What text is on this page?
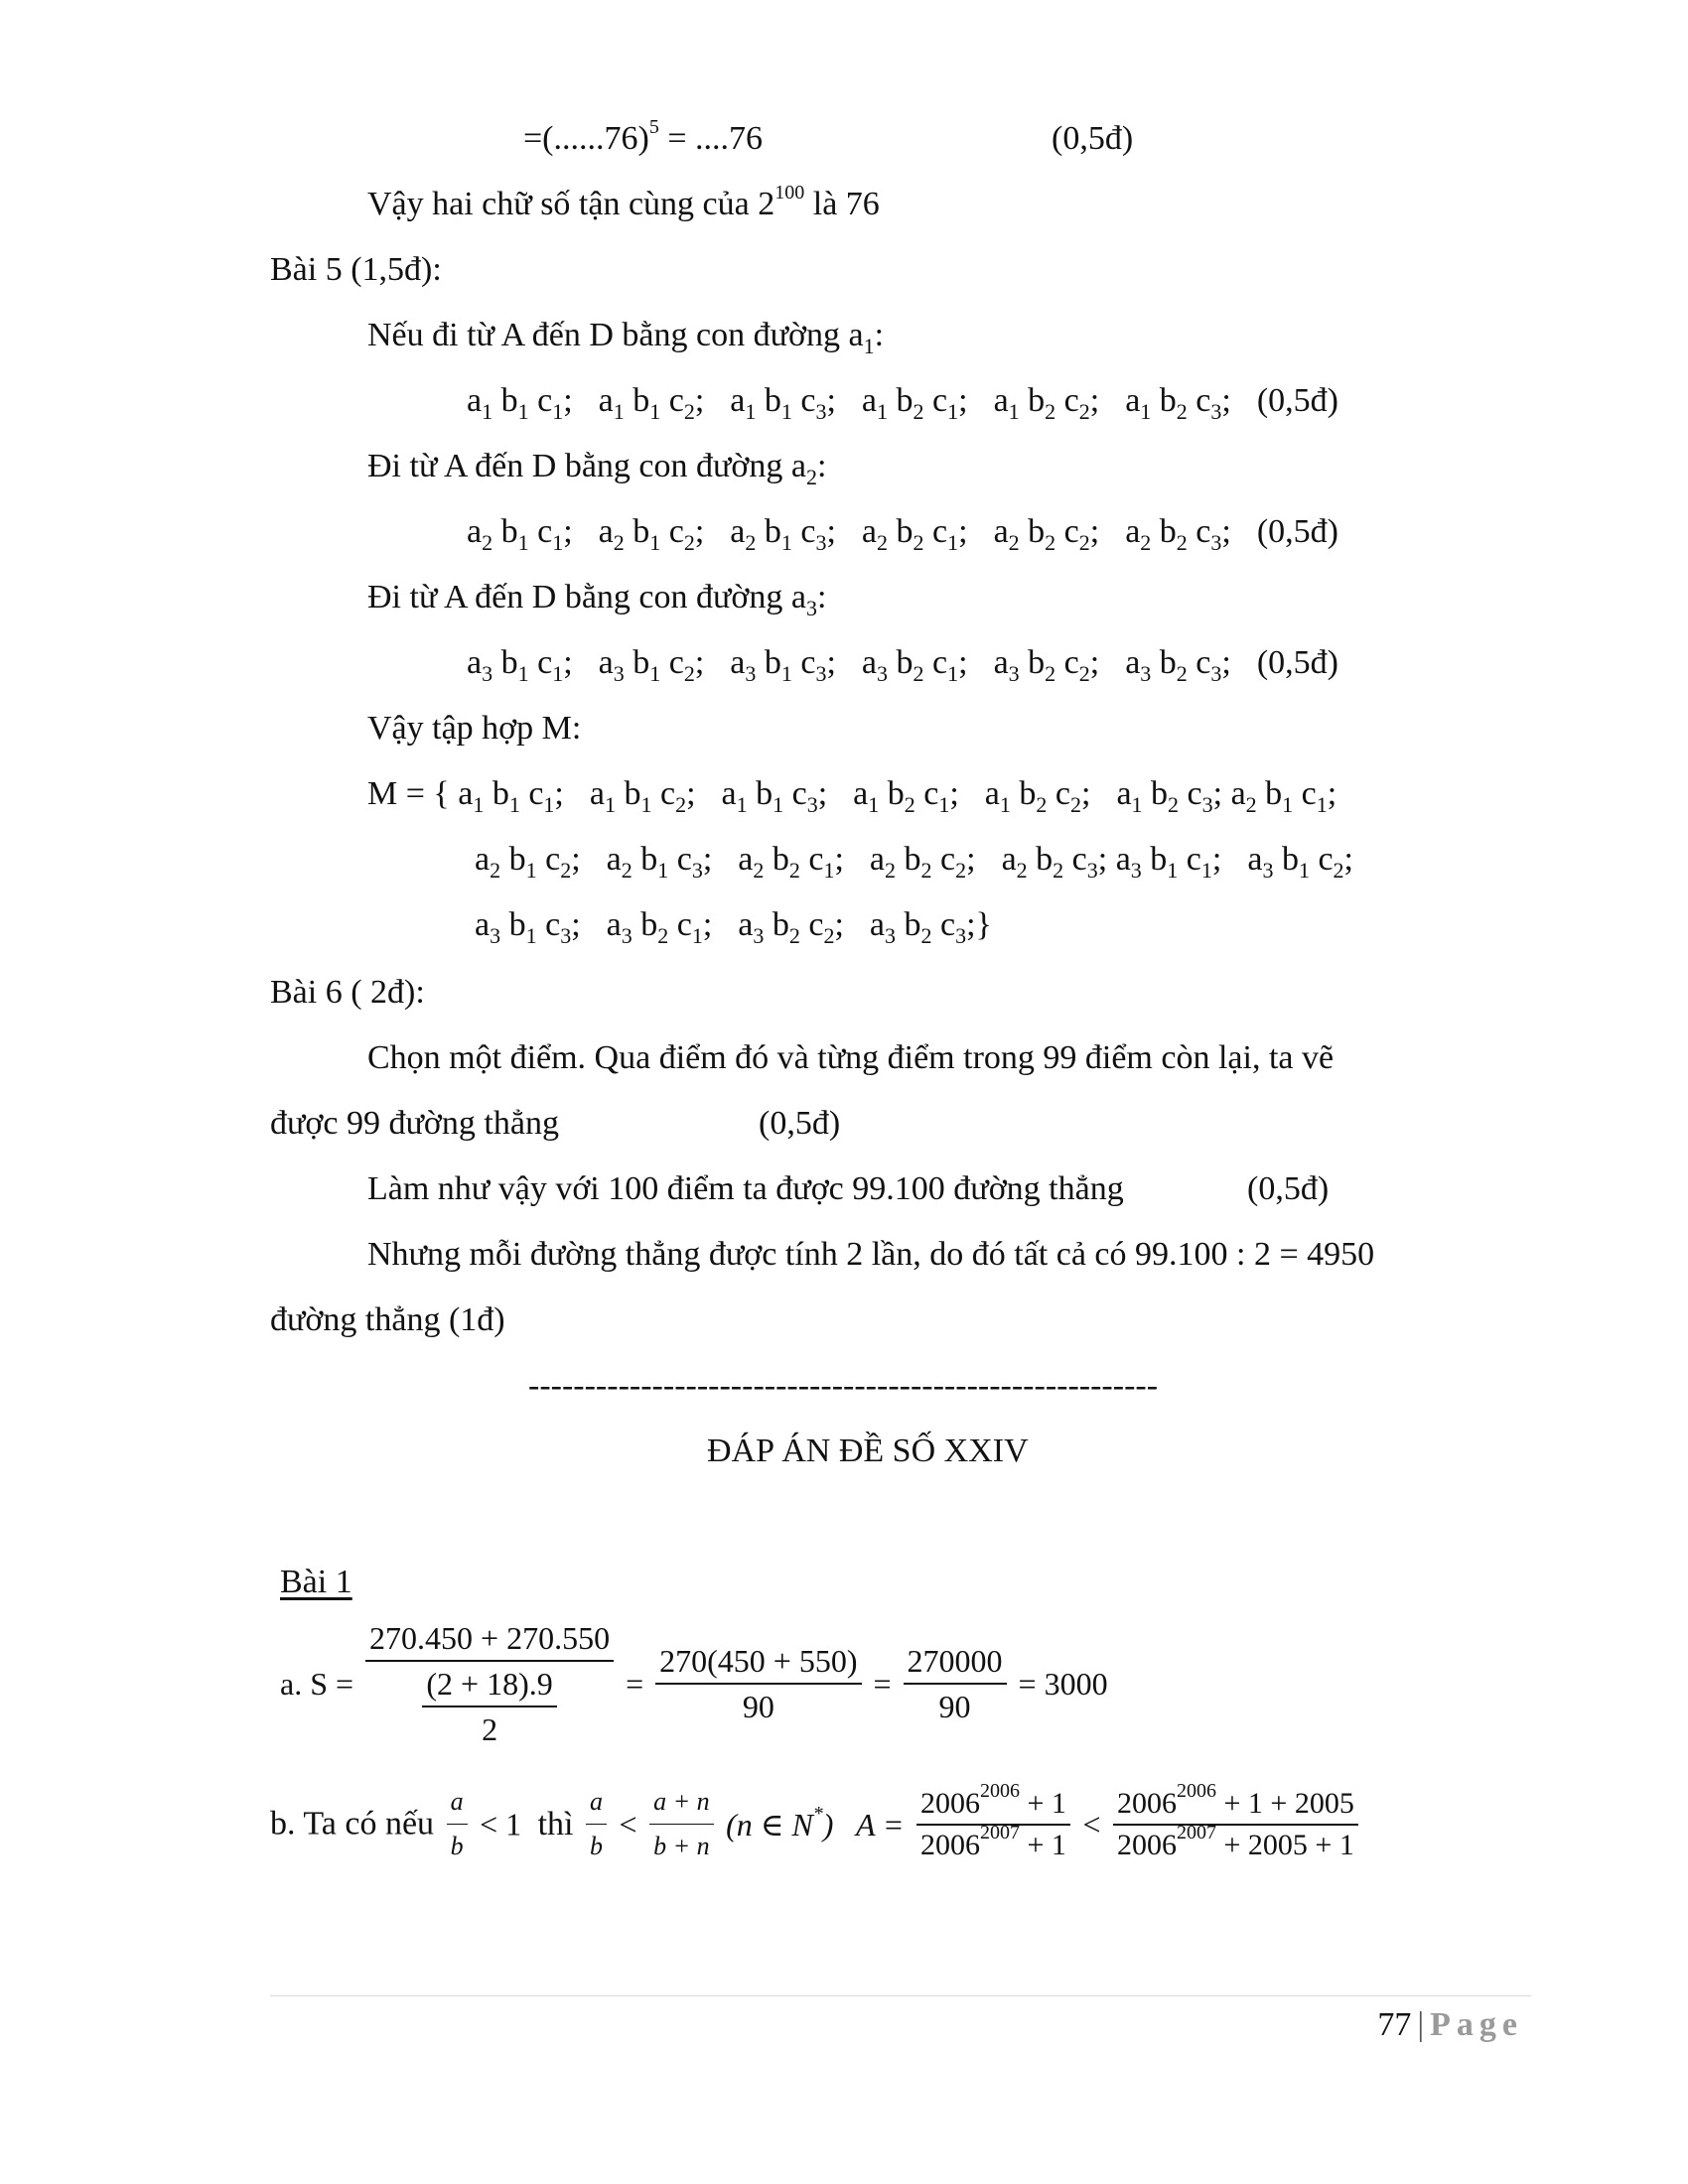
$=(......76)^5 = ....76$	(0,5đ)
Vậy hai chữ số tận cùng của $2^{100}$ là 76
Bài 5 (1,5đ):
Nếu đi từ A đến D bằng con đường $a_1$:
$a_1$ $b_1$ $c_1$; $a_1$ $b_1$ $c_2$; $a_1$ $b_1$ $c_3$; $a_1$ $b_2$ $c_1$; $a_1$ $b_2$ $c_2$; $a_1$ $b_2$ $c_3$; (0,5đ)
Đi từ A đến D bằng con đường $a_2$:
$a_2$ $b_1$ $c_1$; $a_2$ $b_1$ $c_2$; $a_2$ $b_1$ $c_3$; $a_2$ $b_2$ $c_1$; $a_2$ $b_2$ $c_2$; $a_2$ $b_2$ $c_3$; (0,5đ)
Đi từ A đến D bằng con đường $a_3$:
$a_3$ $b_1$ $c_1$; $a_3$ $b_1$ $c_2$; $a_3$ $b_1$ $c_3$; $a_3$ $b_2$ $c_1$; $a_3$ $b_2$ $c_2$; $a_3$ $b_2$ $c_3$; (0,5đ)
Vậy tập hợp M:
M = { $a_1$ $b_1$ $c_1$; $a_1$ $b_1$ $c_2$; $a_1$ $b_1$ $c_3$; $a_1$ $b_2$ $c_1$; $a_1$ $b_2$ $c_2$; $a_1$ $b_2$ $c_3$; $a_2$ $b_1$ $c_1$;
$a_2$ $b_1$ $c_2$; $a_2$ $b_1$ $c_3$; $a_2$ $b_2$ $c_1$; $a_2$ $b_2$ $c_2$; $a_2$ $b_2$ $c_3$; $a_3$ $b_1$ $c_1$; $a_3$ $b_1$ $c_2$;
$a_3$ $b_1$ $c_3$; $a_3$ $b_2$ $c_1$; $a_3$ $b_2$ $c_2$; $a_3$ $b_2$ $c_3$;}
Bài 6 ( 2đ):
Chọn một điểm. Qua điểm đó và từng điểm trong 99 điểm còn lại, ta vẽ
được 99 đường thẳng	(0,5đ)
Làm như vậy với 100 điểm ta được 99.100 đường thẳng	(0,5đ)
Nhưng mỗi đường thẳng được tính 2 lần, do đó tất cả có 99.100 : 2 = 4950
đường thẳng (1đ)
--------------------------------------------------------
ĐÁP ÁN ĐỀ SỐ XXIV
Bài 1
a. $S = \frac{270.450 + 270.550}{\frac{(2 + 18).9}{2}} = \frac{270(450 + 550)}{90} = \frac{270000}{90} = 3000$
b. Ta có nếu $\frac{a}{b} < 1$ thì $\frac{a}{b} < \frac{a + n}{b + n} (n$ ∈ N*) $A = \frac{2006^{2006} + 1}{2006^{2007} + 1} < \frac{2006^{2006} + 1 + 2005}{2006^{2007} + 2005 + 1}$
77 | Page
